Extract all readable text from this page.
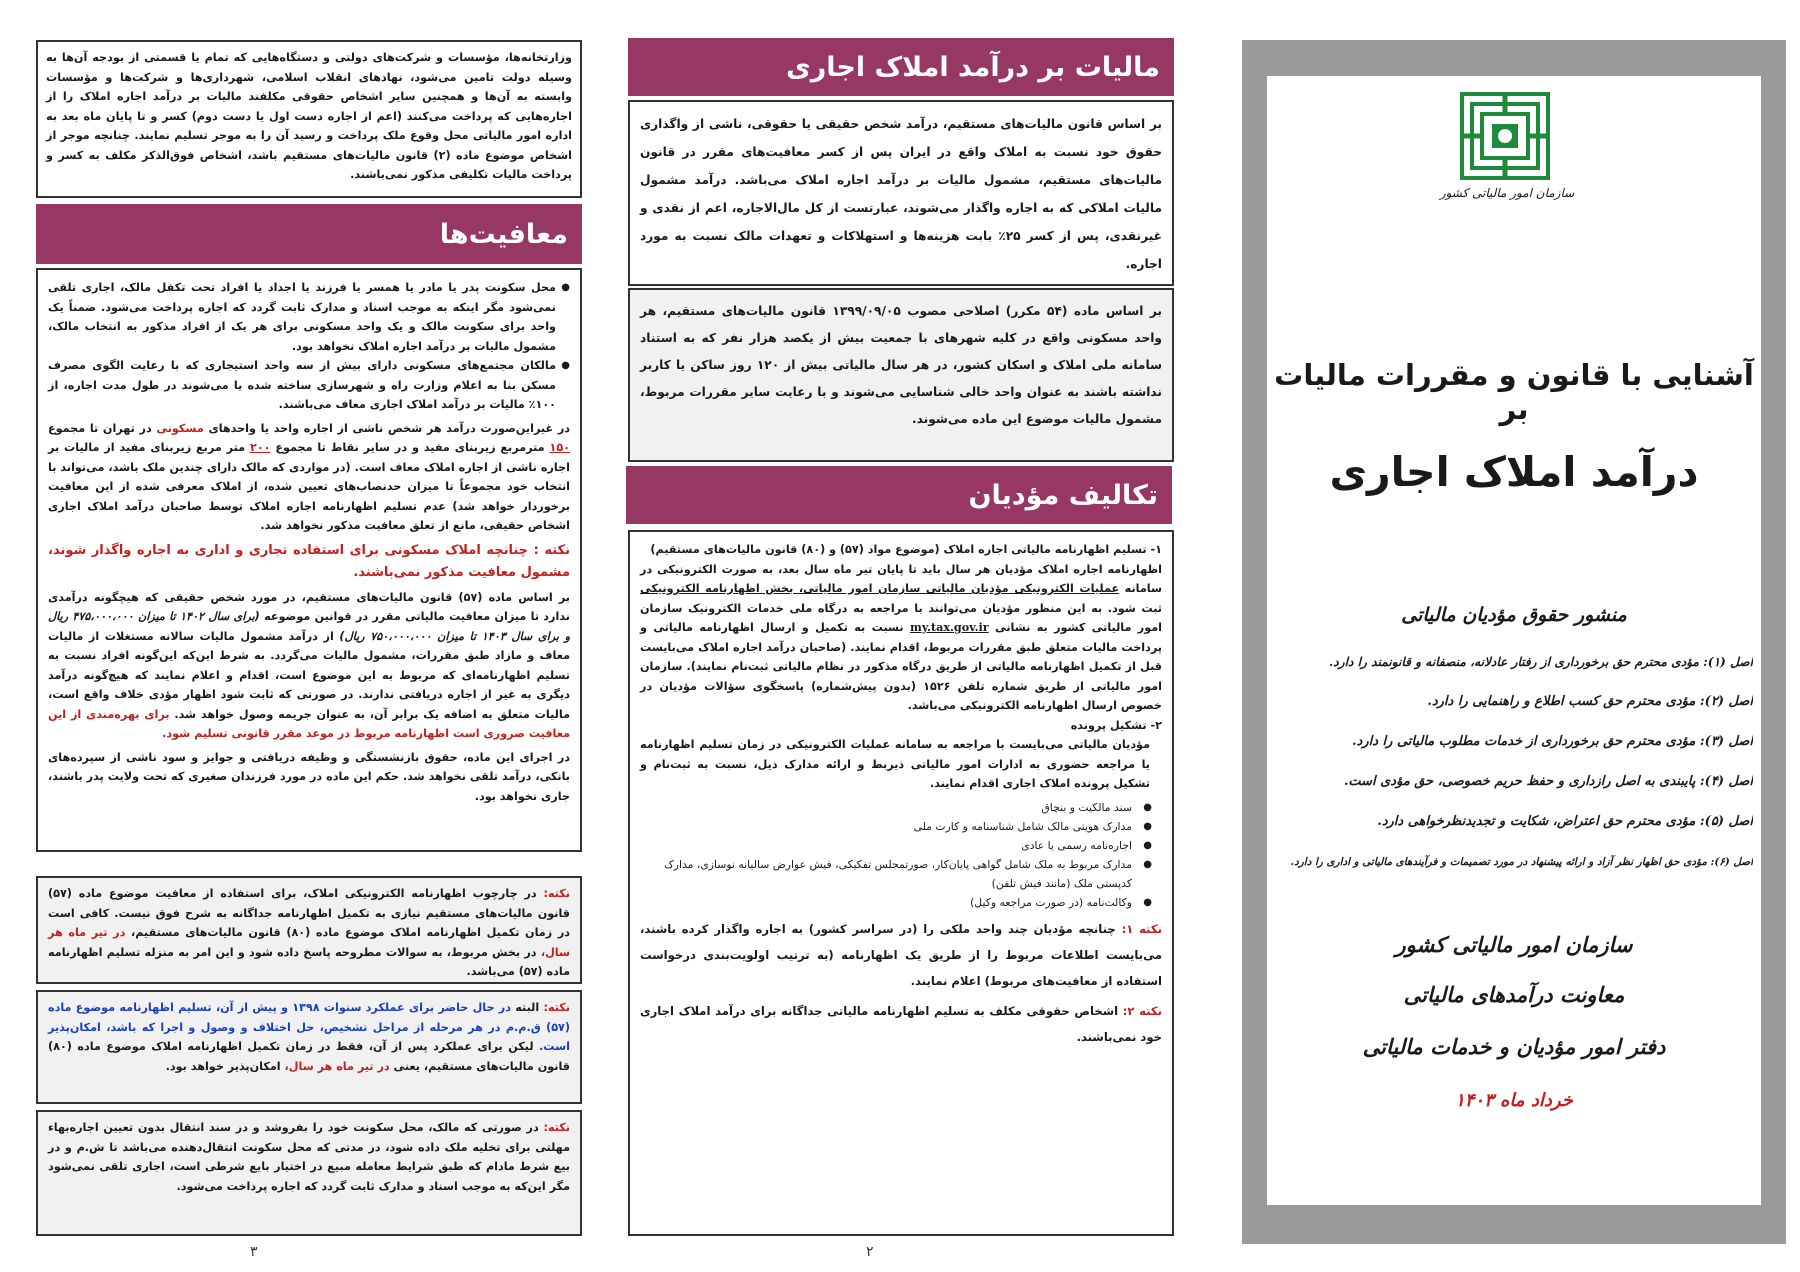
وزارتخانه‌ها، مؤسسات و شرکت‌های دولتی و دستگاه‌هایی که تمام یا قسمتی از بودجه آن‌ها به وسیله دولت تامین می‌شود، نهادهای انقلاب اسلامی، شهرداری‌ها و شرکت‌ها و مؤسسات وابسته به آن‌ها و همچنین سایر اشخاص حقوقی مکلفند مالیات بر درآمد اجاره املاک را از اجاره‌هایی که پرداخت می‌کنند (اعم از اجاره دست اول یا دست دوم) کسر و تا پایان ماه بعد به اداره امور مالیاتی محل وقوع ملک پرداخت و رسید آن را به موجر تسلیم نمایند. چنانچه موجر از اشخاص موضوع ماده (۲) قانون مالیات‌های مستقیم باشد، اشخاص فوق‌الذکر مکلف به کسر و پرداخت مالیات تکلیفی مذکور نمی‌باشند.

معافیت‌ها
● محل سکونت پدر یا مادر یا همسر یا فرزند یا اجداد یا افراد تحت تکفل مالک، اجاری تلقی نمی‌شود مگر اینکه به موجب اسناد و مدارک ثابت گردد که اجاره پرداخت می‌شود. ضمناً یک واحد برای سکونت مالک و یک واحد مسکونی برای هر یک از افراد مذکور به انتخاب مالک، مشمول مالیات بر درآمد اجاره املاک نخواهد بود.
● مالکان مجتمع‌های مسکونی دارای بیش از سه واحد استیجاری که با رعایت الگوی مصرف مسکن بنا به اعلام وزارت راه و شهرسازی ساخته شده یا می‌شوند در طول مدت اجاره، از ۱۰۰٪ مالیات بر درآمد املاک اجاری معاف می‌باشند.

در غیراین‌صورت درآمد هر شخص ناشی از اجاره واحد یا واحدهای مسکونی در تهران تا مجموع ۱۵۰ مترمربع زیربنای مفید و در سایر نقاط تا مجموع ۲۰۰ متر مربع زیربنای مفید از مالیات بر اجاره ناشی از اجاره املاک معاف است. (در مواردی که مالک دارای چندین ملک باشد، می‌تواند با انتخاب خود مجموعاً تا میزان حدنصاب‌های تعیین شده، از املاک معرفی شده از این معافیت برخوردار خواهد شد) عدم تسلیم اظهارنامه اجاره املاک توسط صاحبان درآمد املاک اجاری اشخاص حقیقی، مانع از تعلق معافیت مذکور نخواهد شد.

نکته : چنانچه املاک مسکونی برای استفاده تجاری و اداری به اجاره واگذار شوند، مشمول معافیت مذکور نمی‌باشند.

بر اساس ماده (۵۷) قانون مالیات‌های مستقیم، در مورد شخص حقیقی که هیچگونه درآمدی ندارد تا میزان معافیت مالیاتی مقرر در قوانین موضوعه (برای سال ۱۴۰۲ تا میزان ۴۷۵،۰۰۰،۰۰۰ ریال و برای سال ۱۴۰۳ تا میزان ۷۵۰،۰۰۰،۰۰۰ ریال) از درآمد مشمول مالیات سالانه مستغلات از مالیات معاف و مازاد طبق مقررات، مشمول مالیات می‌گردد. به شرط این‌که این‌گونه افراد نسبت به تسلیم اظهارنامه‌ای که مربوط به این موضوع است، اقدام و اعلام نمایند که هیچ‌گونه درآمد دیگری به غیر از اجاره دریافتی ندارند. در صورتی که ثابت شود اظهار مؤدی خلاف واقع است، مالیات متعلق به اضافه یک برابر آن، به عنوان جریمه وصول خواهد شد. برای بهره‌مندی از این معافیت ضروری است اظهارنامه مربوط در موعد مقرر قانونی تسلیم شود.

در اجرای این ماده، حقوق بازنشستگی و وظیفه دریافتی و جوایز و سود ناشی از سپرده‌های بانکی، درآمد تلقی نخواهد شد. حکم این ماده در مورد فرزندان صغیری که تحت ولایت پدر باشند، جاری نخواهد بود.

نکته: در چارچوب اظهارنامه الکترونیکی املاک، برای استفاده از معافیت موضوع ماده (۵۷) قانون مالیات‌های مستقیم نیازی به تکمیل اظهارنامه جداگانه به شرح فوق نیست. کافی است در زمان تکمیل اظهارنامه املاک موضوع ماده (۸۰) قانون مالیات‌های مستقیم، در تیر ماه هر سال، در بخش مربوط، به سوالات مطروحه پاسخ داده شود و این امر به منزله تسلیم اظهارنامه ماده (۵۷) می‌باشد.

نکته: البته در حال حاضر برای عملکرد سنوات ۱۳۹۸ و پیش از آن، تسلیم اظهارنامه موضوع ماده (۵۷) ق.م.م در هر مرحله از مراحل تشخیص، حل اختلاف و وصول و اجرا که باشد، امکان‌پذیر است. لیکن برای عملکرد پس از آن، فقط در زمان تکمیل اظهارنامه املاک موضوع ماده (۸۰) قانون مالیات‌های مستقیم، یعنی در تیر ماه هر سال، امکان‌پذیر خواهد بود.

نکته: در صورتی که مالک، محل سکونت خود را بفروشد و در سند انتقال بدون تعیین اجاره‌بهاء مهلتی برای تخلیه ملک داده شود، در مدتی که محل سکونت انتقال‌دهنده می‌باشد تا ش.م و در بیع شرط مادام که طبق شرایط معامله مبیع در اختیار بایع شرطی است، اجاری تلقی نمی‌شود مگر این‌که به موجب اسناد و مدارک ثابت گردد که اجاره پرداخت می‌شود.

۳
مالیات بر درآمد املاک اجاری

بر اساس قانون مالیات‌های مستقیم، درآمد شخص حقیقی یا حقوقی، ناشی از واگذاری حقوق خود نسبت به املاک واقع در ایران پس از کسر معافیت‌های مقرر در قانون مالیات‌های مستقیم، مشمول مالیات بر درآمد اجاره املاک می‌باشد. درآمد مشمول مالیات املاکی که به اجاره واگذار می‌شوند، عبارتست از کل مال‌الاجاره، اعم از نقدی و غیرنقدی، پس از کسر ۲۵٪ بابت هزینه‌ها و استهلاکات و تعهدات مالک نسبت به مورد اجاره.

بر اساس ماده (۵۴ مکرر) اصلاحی مصوب ۱۳۹۹/۰۹/۰۵ قانون مالیات‌های مستقیم، هر واحد مسکونی واقع در کلیه شهرهای با جمعیت بیش از یکصد هزار نفر که به استناد سامانه ملی املاک و اسکان کشور، در هر سال مالیاتی بیش از ۱۲۰ روز ساکن یا کاربر نداشته باشند به عنوان واحد خالی شناسایی می‌شوند و با رعایت سایر مقررات مربوط، مشمول مالیات موضوع این ماده می‌شوند.

تکالیف مؤدیان

۱- تسلیم اظهارنامه مالیاتی اجاره املاک (موضوع مواد (۵۷) و (۸۰) قانون مالیات‌های مستقیم)

اظهارنامه اجاره املاک مؤدیان هر سال باید تا پایان تیر ماه سال بعد، به صورت الکترونیکی در سامانه عملیات الکترونیکی مؤدیان مالیاتی سازمان امور مالیاتی، بخش اظهارنامه الکترونیکی ثبت شود. به این منظور مؤدیان می‌توانند با مراجعه به درگاه ملی خدمات الکترونیک سازمان امور مالیاتی کشور به نشانی my.tax.gov.ir نسبت به تکمیل و ارسال اظهارنامه مالیاتی و پرداخت مالیات متعلق طبق مقررات مربوط، اقدام نمایند. (صاحبان درآمد اجاره املاک می‌بایست قبل از تکمیل اظهارنامه مالیاتی از طریق درگاه مذکور در نظام مالیاتی ثبت‌نام نمایند). سازمان امور مالیاتی از طریق شماره تلفن ۱۵۲۶ (بدون پیش‌شماره) پاسخگوی سؤالات مؤدیان در خصوص ارسال اظهارنامه الکترونیکی می‌باشد.

۲- تشکیل پرونده

مؤدیان مالیاتی می‌بایست با مراجعه به سامانه عملیات الکترونیکی در زمان تسلیم اظهارنامه یا مراجعه حضوری به ادارات امور مالیاتی ذیربط و ارائه مدارک ذیل، نسبت به ثبت‌نام و تشکیل پرونده املاک اجاری اقدام نمایند.

● سند مالکیت و بنچاق
● مدارک هویتی مالک شامل شناسنامه و کارت ملی
● اجاره‌نامه رسمی یا عادی
● مدارک مربوط به ملک شامل گواهی پایان‌کار، صورتمجلس تفکیکی، فیش عوارض سالیانه نوسازی، مدارک کدپستی ملک (مانند فیش تلفن)
● وکالت‌نامه (در صورت مراجعه وکیل)

نکته ۱: چنانچه مؤدیان چند واحد ملکی را (در سراسر کشور) به اجاره واگذار کرده باشند، می‌بایست اطلاعات مربوط را از طریق یک اظهارنامه (به ترتیب اولویت‌بندی درخواست استفاده از معافیت‌های مربوط) اعلام نمایند.

نکته ۲: اشخاص حقوقی مکلف به تسلیم اظهارنامه مالیاتی جداگانه برای درآمد املاک اجاری خود نمی‌باشند.

۲
سازمان امور مالیاتی کشور
آشنایی با قانون و مقررات مالیات بر
درآمد املاک اجاری
منشور حقوق مؤدیان مالیاتی
اصل (۱): مؤدی محترم حق برخورداری از رفتار عادلانه، منصفانه و قانونمند را دارد.
اصل (۲): مؤدی محترم حق کسب اطلاع و راهنمایی را دارد.
اصل (۳): مؤدی محترم حق برخورداری از خدمات مطلوب مالیاتی را دارد.
اصل (۴): پایبندی به اصل رازداری و حفظ حریم خصوصی، حق مؤدی است.
اصل (۵): مؤدی محترم حق اعتراض، شکایت و تجدیدنظرخواهی دارد.
اصل (۶): مؤدی حق اظهار نظر آزاد و ارائه پیشنهاد در مورد تصمیمات و فرآیندهای مالیاتی و اداری را دارد.
سازمان امور مالیاتی کشور
معاونت درآمدهای مالیاتی
دفتر امور مؤدیان و خدمات مالیاتی
خرداد ماه ۱۴۰۳
